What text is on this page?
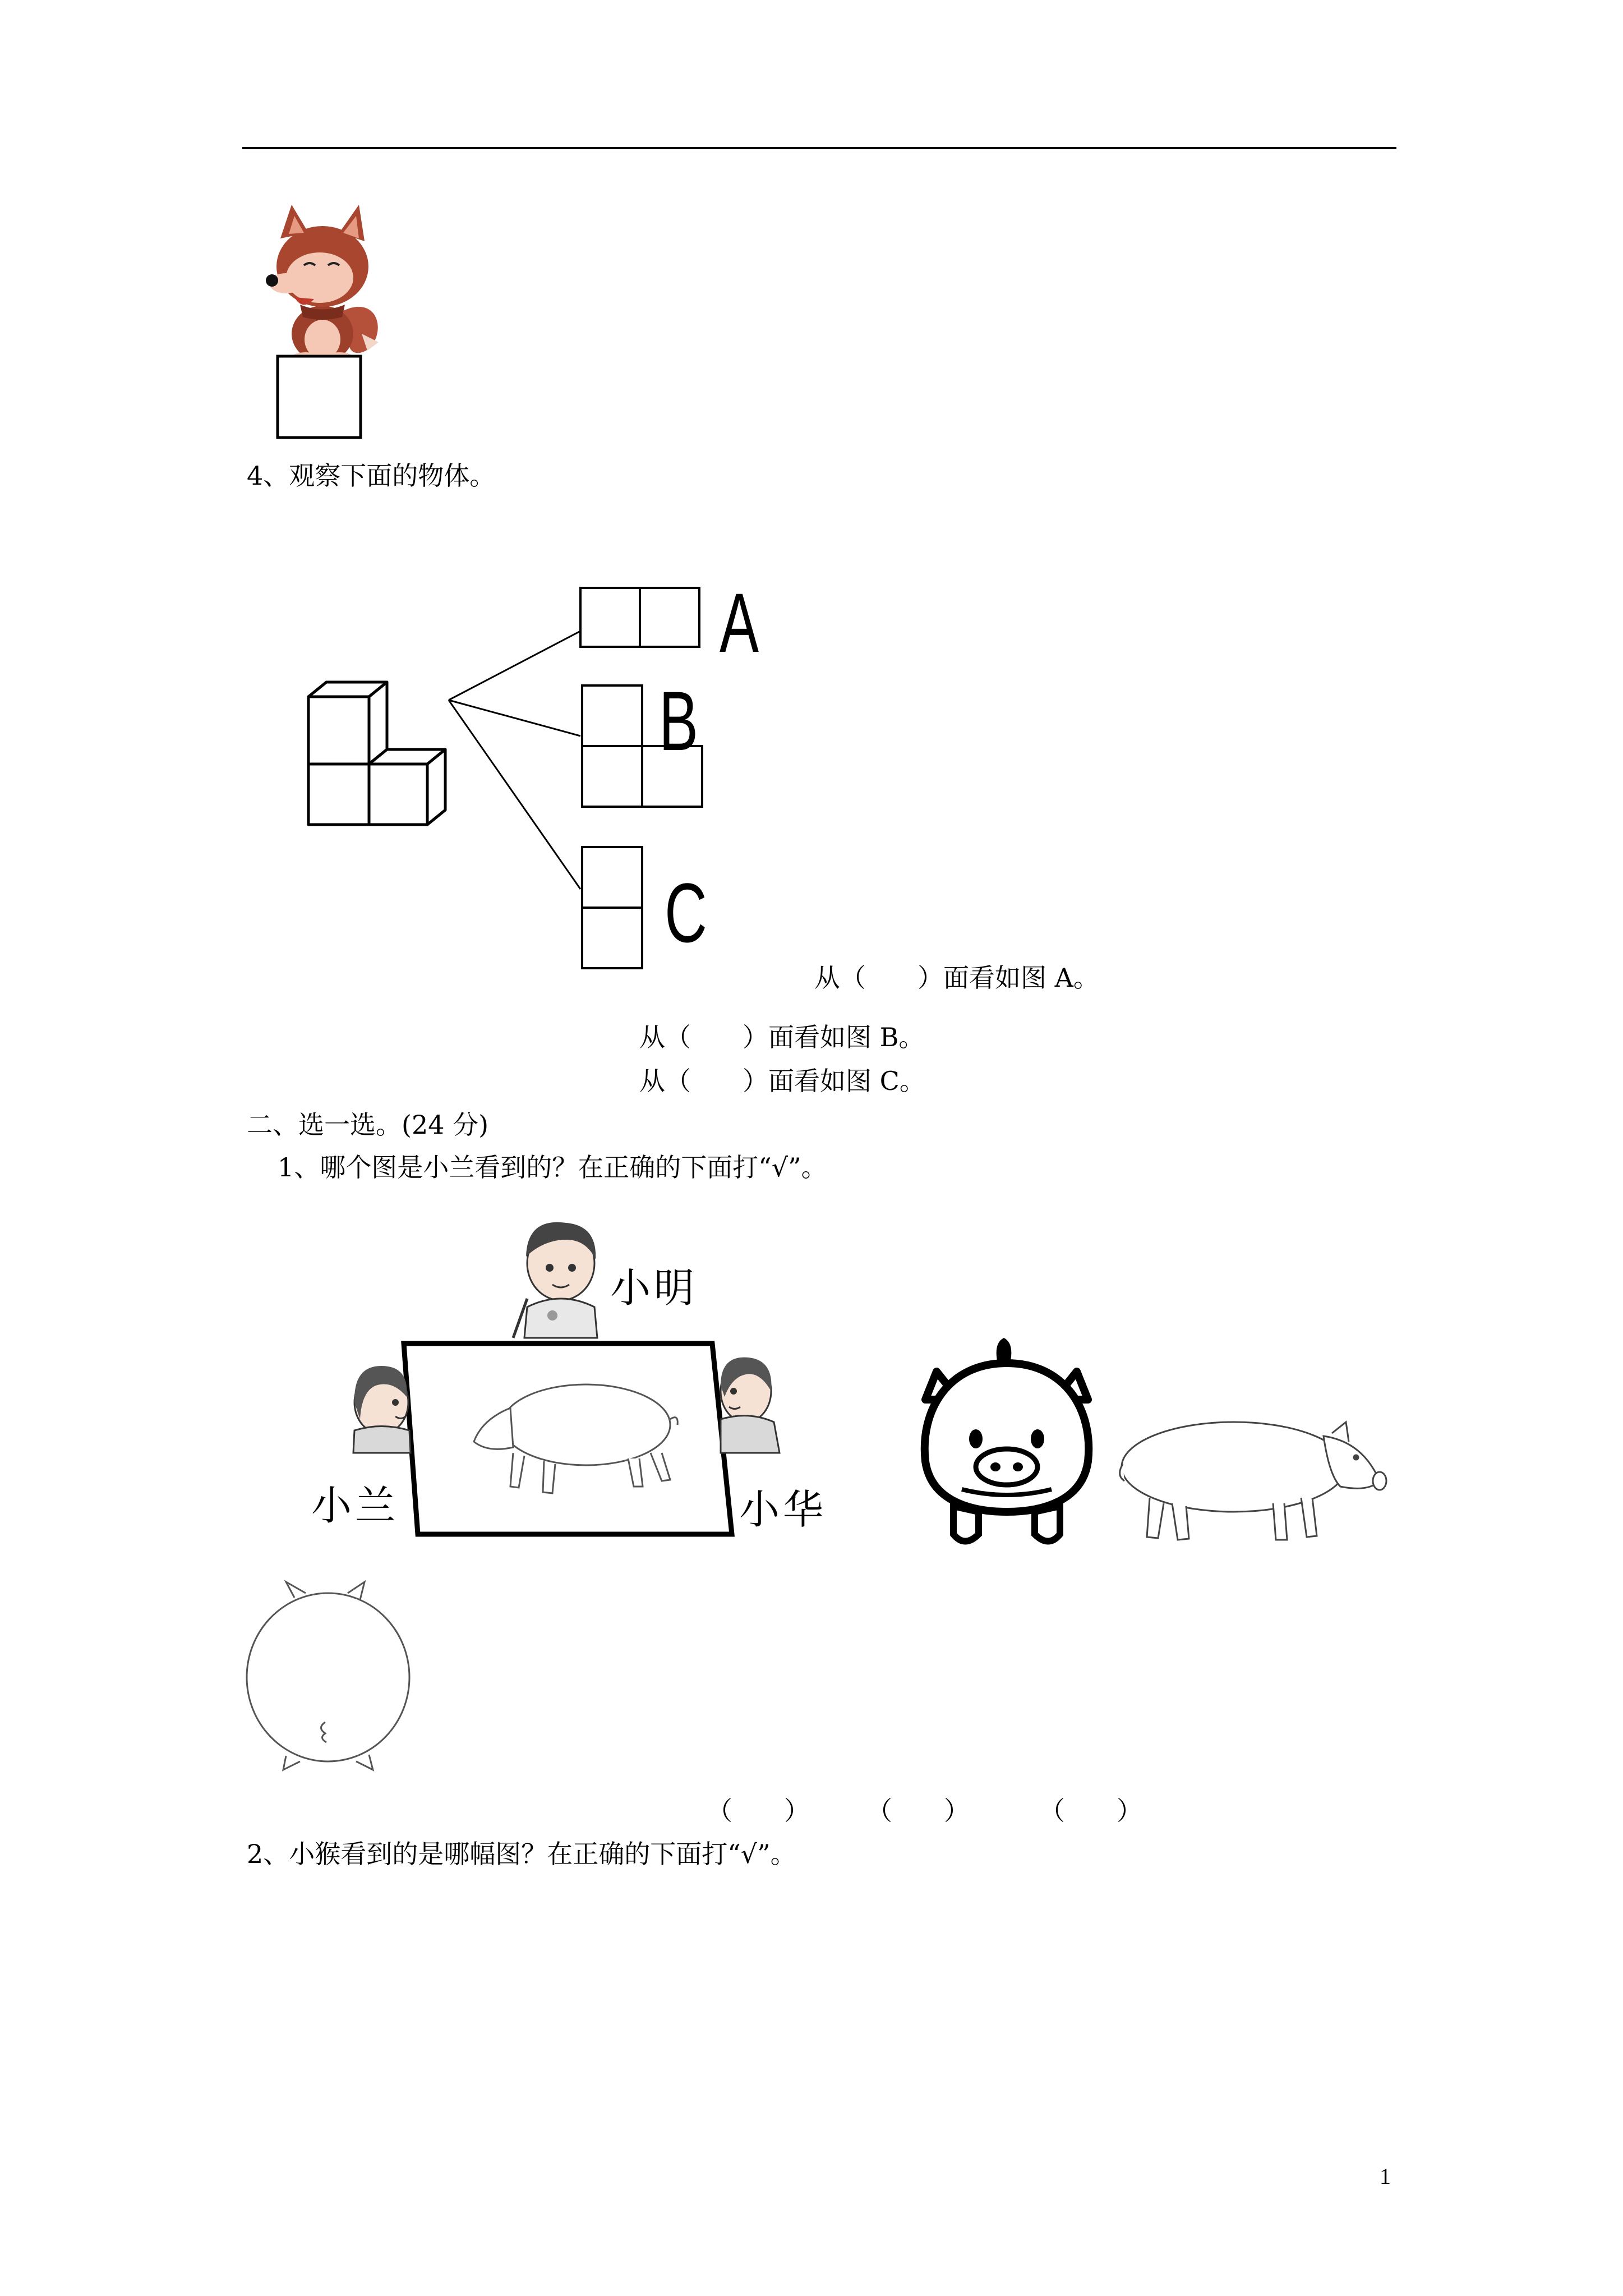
4、观察下面的物体。
A
B
C
从（　　）面看如图 A。
从（　　）面看如图 B。
从（　　）面看如图 C。
二、选一选。(24 分)
1、哪个图是小兰看到的？在正确的下面打“√”。
小明
小兰	小华
（　　） （　　）	（　　）
2、小猴看到的是哪幅图？在正确的下面打“√”。
1
